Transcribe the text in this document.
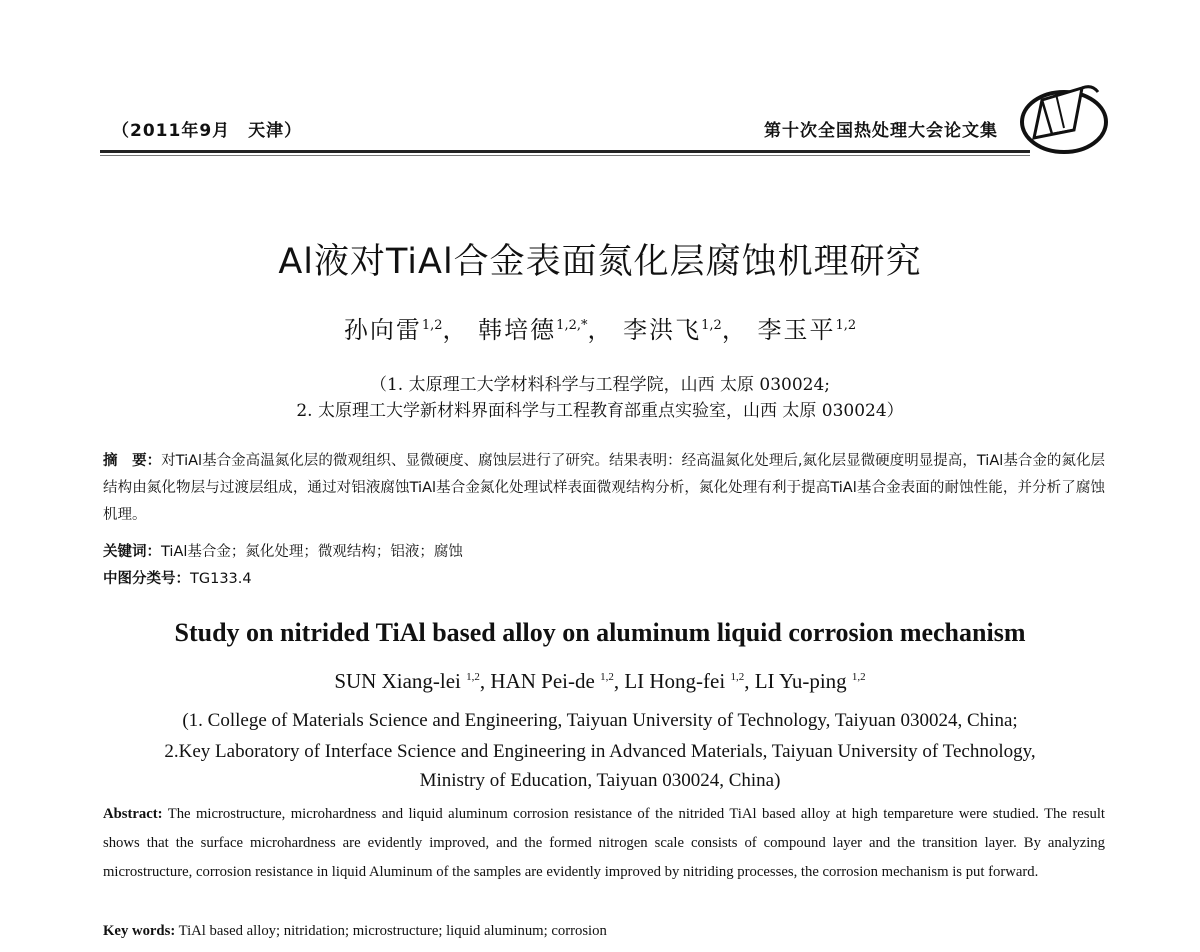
（2011年9月　天津）	第十次全国热处理大会论文集
Al液对TiAl合金表面氮化层腐蚀机理研究
孙向雷$^{1,2}$， 韩培德$^{1,2,*}$， 李洪飞$^{1,2}$， 李玉平$^{1,2}$
（1. 太原理工大学材料科学与工程学院，山西 太原 030024;
2. 太原理工大学新材料界面科学与工程教育部重点实验室，山西 太原 030024）
摘　要：对TiAl基合金高温氮化层的微观组织、显微硬度、腐蚀层进行了研究。结果表明：经高温氮化处理后,氮化层显微硬度明显提高，TiAl基合金的氮化层结构由氮化物层与过渡层组成，通过对铝液腐蚀TiAl基合金氮化处理试样表面微观结构分析，氮化处理有利于提高TiAl基合金表面的耐蚀性能，并分析了腐蚀机理。
关键词：TiAl基合金；氮化处理；微观结构；铝液；腐蚀
中图分类号：TG133.4
Study on nitrided TiAl based alloy on aluminum liquid corrosion mechanism
SUN Xiang-lei $^{1,2}$, HAN Pei-de $^{1,2}$, LI Hong-fei $^{1,2}$, LI Yu-ping $^{1,2}$
(1. College of Materials Science and Engineering, Taiyuan University of Technology, Taiyuan 030024, China;
2.Key Laboratory of Interface Science and Engineering in Advanced Materials, Taiyuan University of Technology,
Ministry of Education, Taiyuan 030024, China)
Abstract: The microstructure, microhardness and liquid aluminum corrosion resistance of the nitrided TiAl based alloy at high tempareture were studied. The result shows that the surface microhardness are evidently improved, and the formed nitrogen scale consists of compound layer and the transition layer. By analyzing microstructure, corrosion resistance in liquid Aluminum of the samples are evidently improved by nitriding processes, the corrosion mechanism is put forward.
Key words: TiAl based alloy; nitridation; microstructure; liquid aluminum; corrosion
